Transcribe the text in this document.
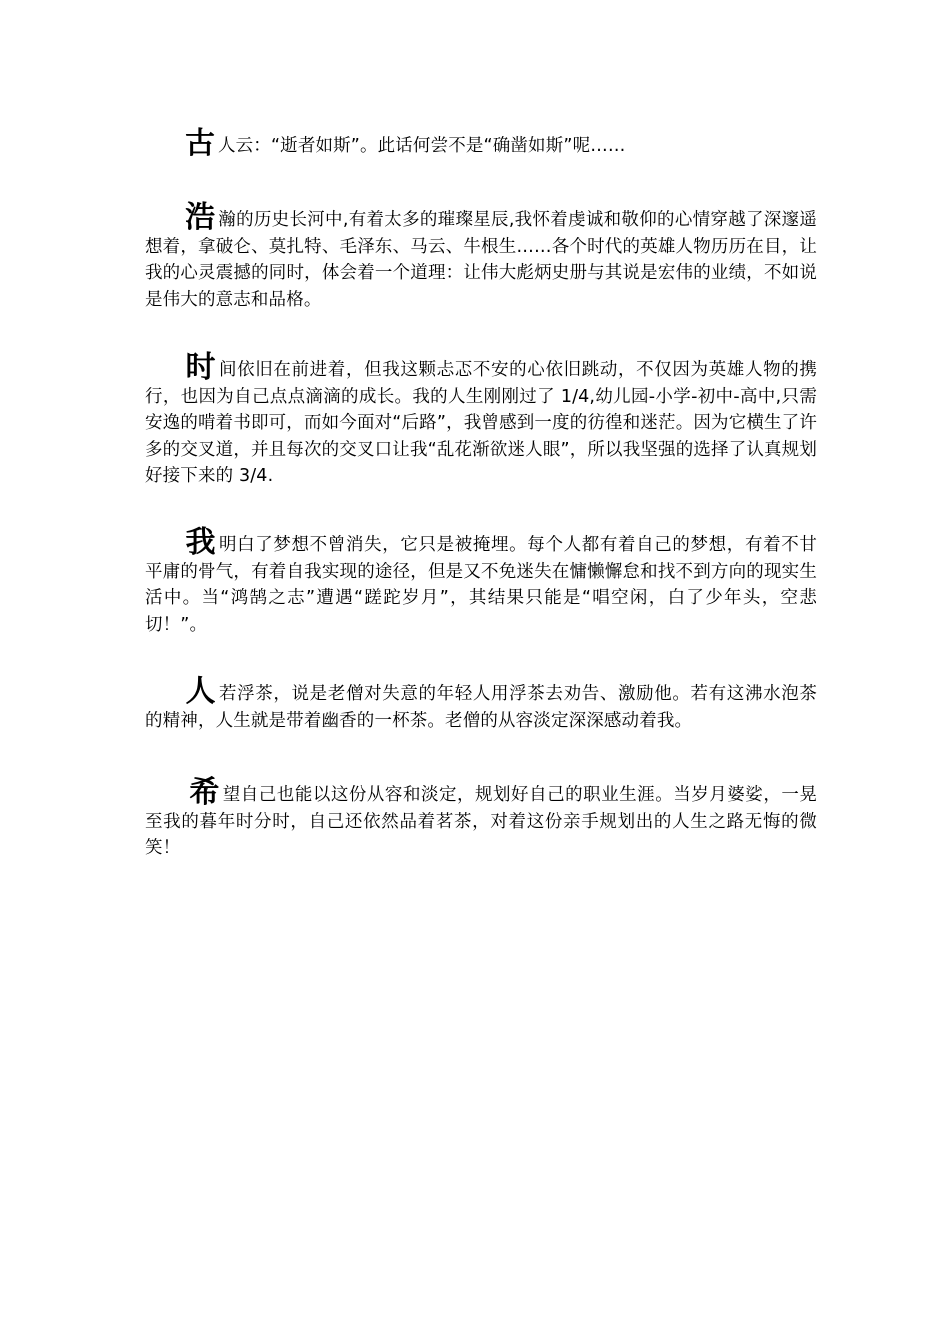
古人云：“逝者如斯”。此话何尝不是“确凿如斯”呢……

浩瀚的历史长河中,有着太多的璀璨星辰,我怀着虔诚和敬仰的心情穿越了深邃遥想着，拿破仑、莫扎特、毛泽东、马云、牛根生……各个时代的英雄人物历历在目，让我的心灵震撼的同时，体会着一个道理：让伟大彪炳史册与其说是宏伟的业绩，不如说是伟大的意志和品格。

时间依旧在前进着，但我这颗忐忑不安的心依旧跳动，不仅因为英雄人物的携行，也因为自己点点滴滴的成长。我的人生刚刚过了 1/4,幼儿园-小学-初中-高中,只需安逸的啃着书即可，而如今面对“后路”，我曾感到一度的彷徨和迷茫。因为它横生了许多的交叉道，并且每次的交叉口让我“乱花渐欲迷人眼”，所以我坚强的选择了认真规划好接下来的 3/4.

我明白了梦想不曾消失，它只是被掩埋。每个人都有着自己的梦想，有着不甘平庸的骨气，有着自我实现的途径，但是又不免迷失在慵懒懈怠和找不到方向的现实生活中。当“鸿鹄之志”遭遇“蹉跎岁月”，其结果只能是“唱空闲，白了少年头，空悲切！”。

人若浮茶，说是老僧对失意的年轻人用浮茶去劝告、激励他。若有这沸水泡茶的精神，人生就是带着幽香的一杯茶。老僧的从容淡定深深感动着我。

希望自己也能以这份从容和淡定，规划好自己的职业生涯。当岁月婆娑，一晃至我的暮年时分时，自己还依然品着茗茶，对着这份亲手规划出的人生之路无悔的微笑！
